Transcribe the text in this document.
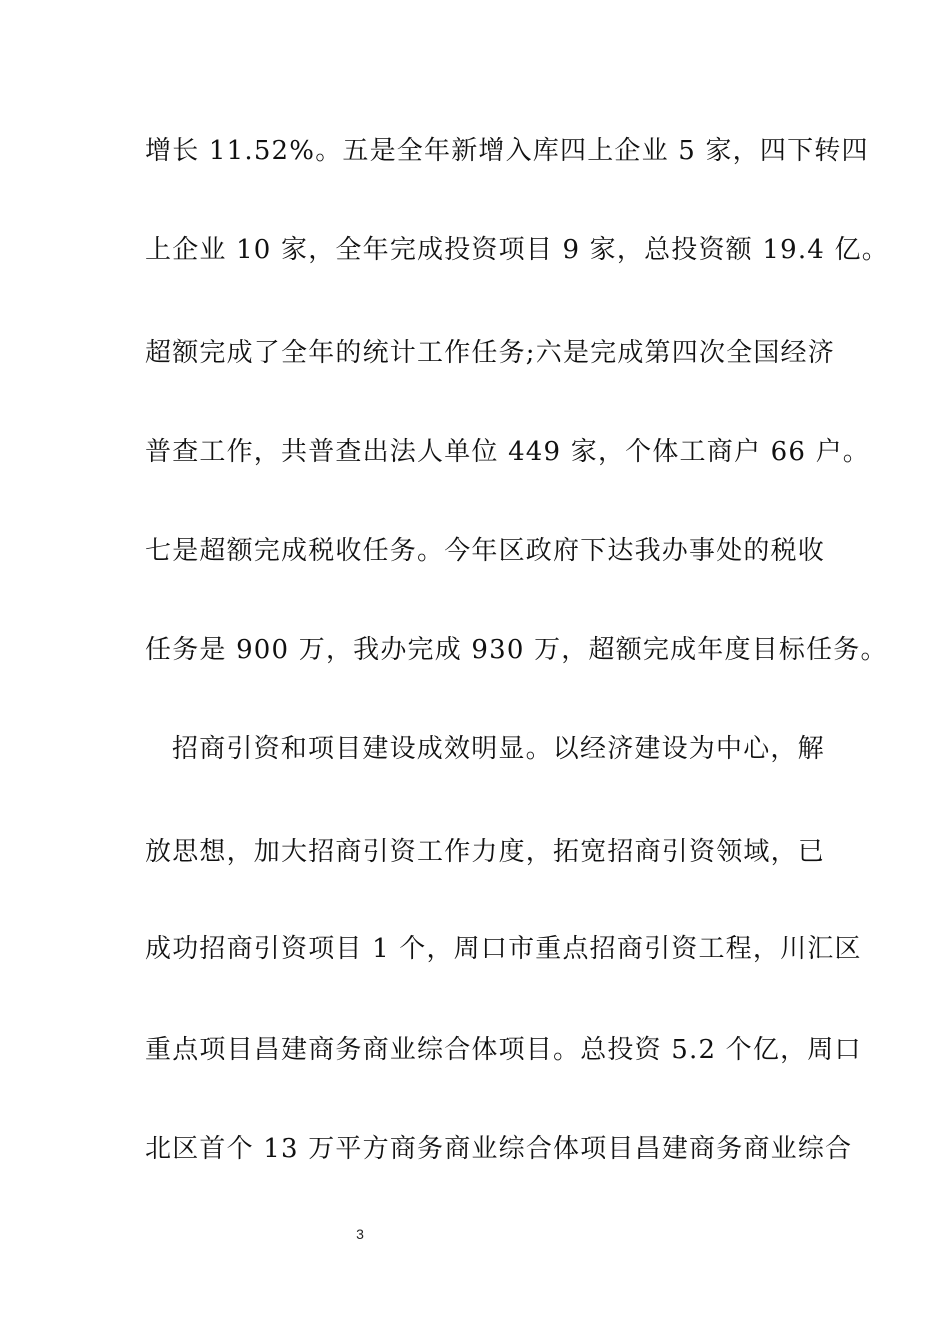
增长 11.52%。五是全年新增入库四上企业 5 家，四下转四
上企业 10 家，全年完成投资项目 9 家，总投资额 19.4 亿。
超额完成了全年的统计工作任务;六是完成第四次全国经济
普查工作，共普查出法人单位 449 家，个体工商户 66 户。
七是超额完成税收任务。今年区政府下达我办事处的税收
任务是 900 万，我办完成 930 万，超额完成年度目标任务。
招商引资和项目建设成效明显。以经济建设为中心，解
放思想，加大招商引资工作力度，拓宽招商引资领域，已
成功招商引资项目 1 个，周口市重点招商引资工程，川汇区
重点项目昌建商务商业综合体项目。总投资 5.2 个亿，周口
北区首个 13 万平方商务商业综合体项目昌建商务商业综合
3
